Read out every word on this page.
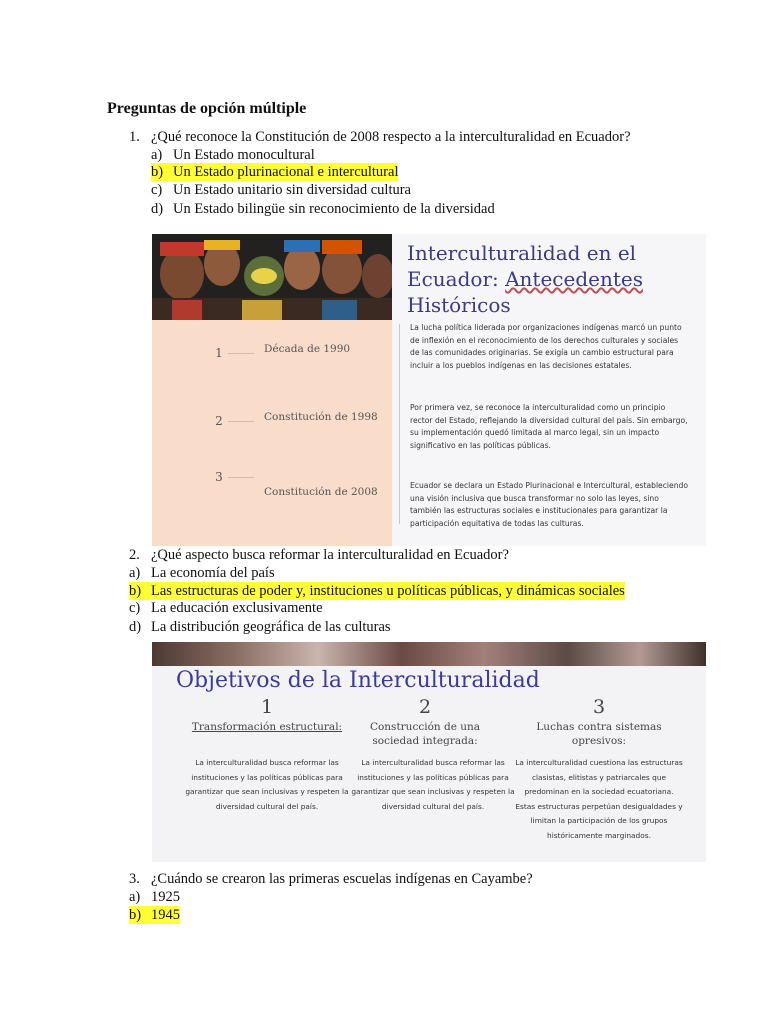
Preguntas de opción múltiple
1. ¿Qué reconoce la Constitución de 2008 respecto a la interculturalidad en Ecuador?
a) Un Estado monocultural
b) Un Estado plurinacional e intercultural
c) Un Estado unitario sin diversidad cultura
d) Un Estado bilingüe sin reconocimiento de la diversidad
1	Década de 1990
2	Constitución de 1998
3
Constitución de 2008
Interculturalidad en el
Ecuador: Antecedentes
Históricos
La lucha política liderada por organizaciones indígenas marcó un punto de inflexión en el reconocimiento de los derechos culturales y sociales de las comunidades originarias. Se exigía un cambio estructural para incluir a los pueblos indígenas en las decisiones estatales.
Por primera vez, se reconoce la interculturalidad como un principio rector del Estado, reflejando la diversidad cultural del país. Sin embargo, su implementación quedó limitada al marco legal, sin un impacto significativo en las políticas públicas.
Ecuador se declara un Estado Plurinacional e Intercultural, estableciendo una visión inclusiva que busca transformar no solo las leyes, sino también las estructuras sociales e institucionales para garantizar la participación equitativa de todas las culturas.
2. ¿Qué aspecto busca reformar la interculturalidad en Ecuador?
a) La economía del país
b) Las estructuras de poder y, instituciones u políticas públicas, y dinámicas sociales
c) La educación exclusivamente
d) La distribución geográfica de las culturas
Objetivos de la Interculturalidad
1
Transformación estructural:
La interculturalidad busca reformar las instituciones y las políticas públicas para garantizar que sean inclusivas y respeten la diversidad cultural del país.
2
Construcción de una sociedad integrada:
La interculturalidad busca reformar las instituciones y las políticas públicas para garantizar que sean inclusivas y respeten la diversidad cultural del país.
3
Luchas contra sistemas opresivos:
La interculturalidad cuestiona las estructuras clasistas, elitistas y patriarcales que predominan en la sociedad ecuatoriana. Estas estructuras perpetúan desigualdades y limitan la participación de los grupos históricamente marginados.
3. ¿Cuándo se crearon las primeras escuelas indígenas en Cayambe?
a) 1925
b) 1945
